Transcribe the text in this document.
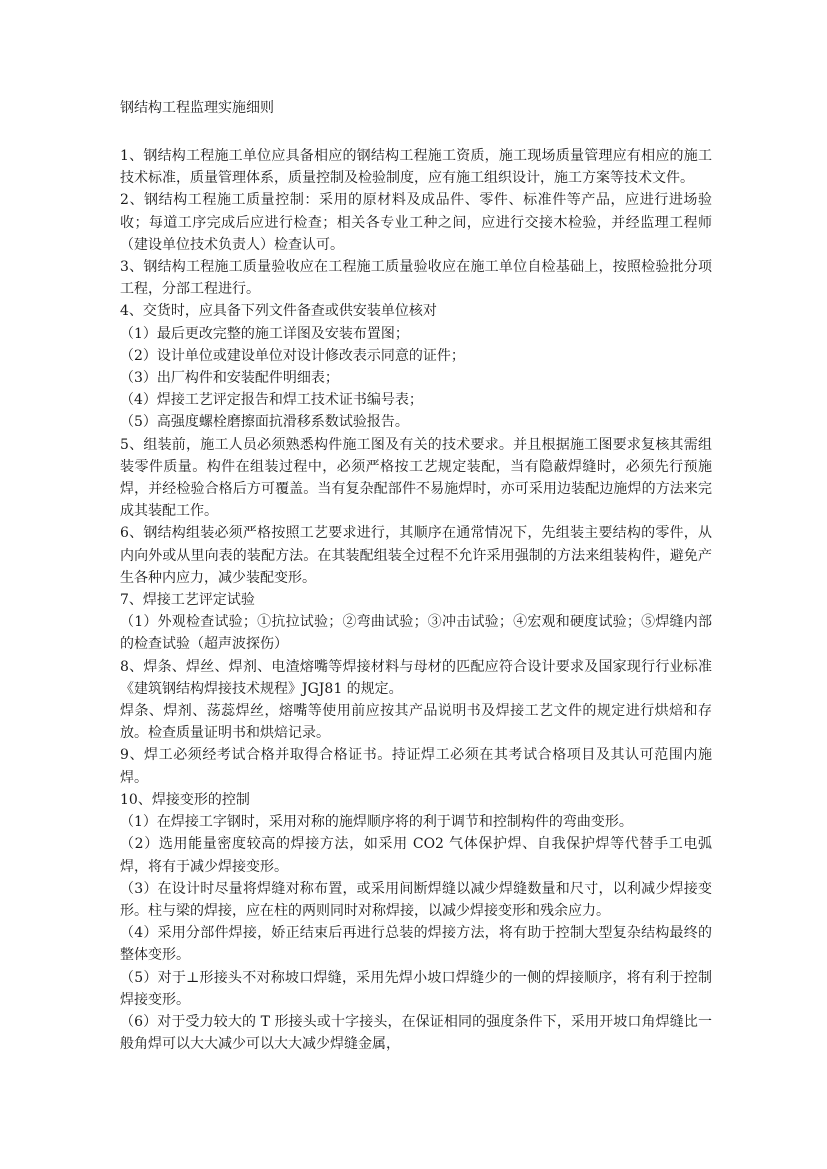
钢结构工程监理实施细则

1、钢结构工程施工单位应具备相应的钢结构工程施工资质，施工现场质量管理应有相应的施工技术标准，质量管理体系，质量控制及检验制度，应有施工组织设计，施工方案等技术文件。

2、钢结构工程施工质量控制：采用的原材料及成品件、零件、标准件等产品，应进行进场验收；每道工序完成后应进行检查；相关各专业工种之间，应进行交接木检验，并经监理工程师（建设单位技术负责人）检查认可。

3、钢结构工程施工质量验收应在工程施工质量验收应在施工单位自检基础上，按照检验批分项工程，分部工程进行。

4、交货时，应具备下列文件备查或供安装单位核对

（1）最后更改完整的施工详图及安装布置图；

（2）设计单位或建设单位对设计修改表示同意的证件；

（3）出厂构件和安装配件明细表；

（4）焊接工艺评定报告和焊工技术证书编号表；

（5）高强度螺栓磨擦面抗滑移系数试验报告。

5、组装前，施工人员必须熟悉构件施工图及有关的技术要求。并且根据施工图要求复核其需组装零件质量。构件在组装过程中，必须严格按工艺规定装配，当有隐蔽焊缝时，必须先行预施焊，并经检验合格后方可覆盖。当有复杂配部件不易施焊时，亦可采用边装配边施焊的方法来完成其装配工作。

6、钢结构组装必须严格按照工艺要求进行，其顺序在通常情况下，先组装主要结构的零件，从内向外或从里向表的装配方法。在其装配组装全过程不允许采用强制的方法来组装构件，避免产生各种内应力，减少装配变形。

7、焊接工艺评定试验

（1）外观检查试验；①抗拉试验；②弯曲试验；③冲击试验；④宏观和硬度试验；⑤焊缝内部的检查试验（超声波探伤）

8、焊条、焊丝、焊剂、电渣熔嘴等焊接材料与母材的匹配应符合设计要求及国家现行行业标准《建筑钢结构焊接技术规程》JGJ81 的规定。

焊条、焊剂、荡蕊焊丝，熔嘴等使用前应按其产品说明书及焊接工艺文件的规定进行烘焙和存放。检查质量证明书和烘焙记录。

9、焊工必须经考试合格并取得合格证书。持证焊工必须在其考试合格项目及其认可范围内施焊。

10、焊接变形的控制

（1）在焊接工字钢时，采用对称的施焊顺序将的利于调节和控制构件的弯曲变形。

（2）选用能量密度较高的焊接方法，如采用 CO2 气体保护焊、自我保护焊等代替手工电弧焊，将有于减少焊接变形。

（3）在设计时尽量将焊缝对称布置，或采用间断焊缝以减少焊缝数量和尺寸，以利减少焊接变形。柱与梁的焊接，应在柱的两则同时对称焊接，以减少焊接变形和残余应力。

（4）采用分部件焊接，娇正结束后再进行总装的焊接方法，将有助于控制大型复杂结构最终的整体变形。

（5）对于⊥形接头不对称坡口焊缝，采用先焊小坡口焊缝少的一侧的焊接顺序，将有利于控制焊接变形。

（6）对于受力较大的 T 形接头或十字接头，在保证相同的强度条件下，采用开坡口角焊缝比一般角焊可以大大减少可以大大减少焊缝金属，
